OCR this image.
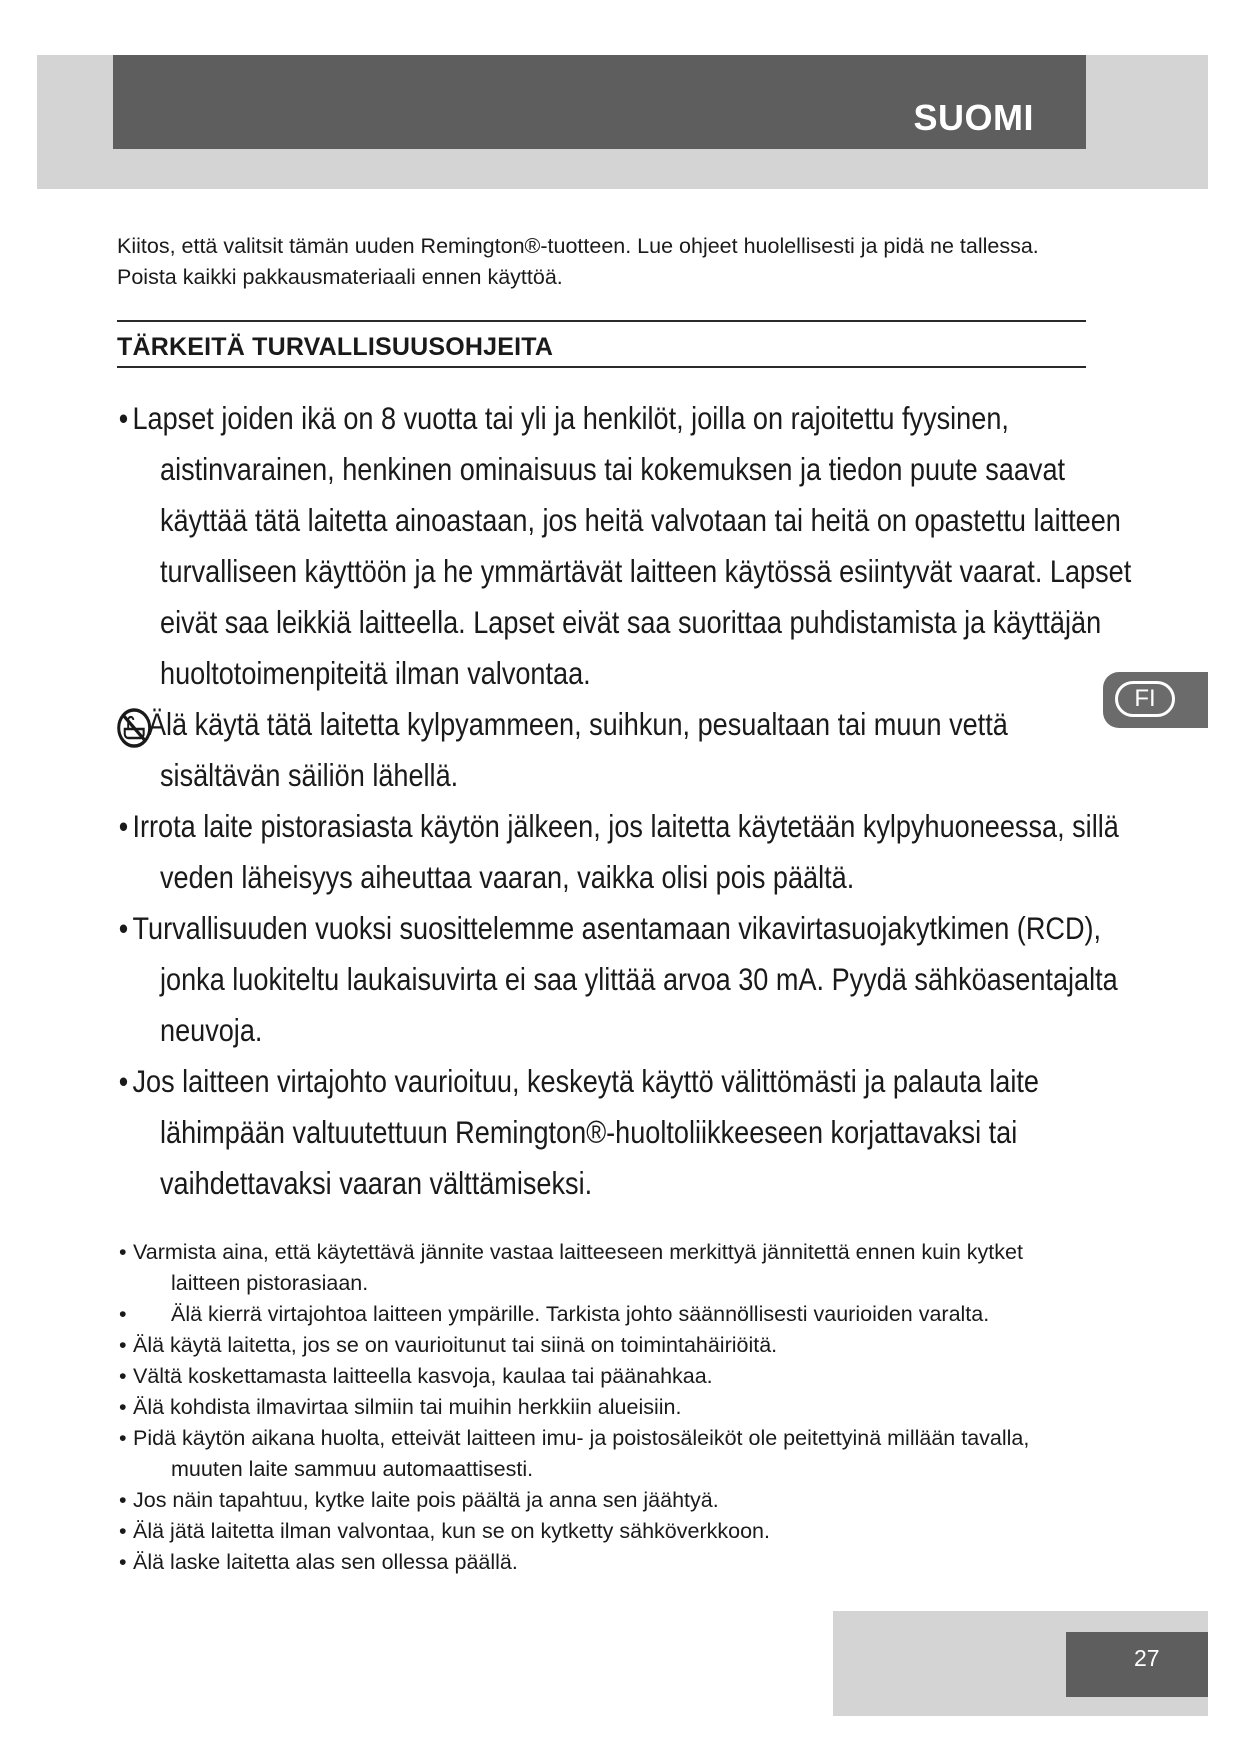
SUOMI
Kiitos, että valitsit tämän uuden Remington®-tuotteen. Lue ohjeet huolellisesti ja pidä ne tallessa. Poista kaikki pakkausmateriaali ennen käyttöä.
TÄRKEITÄ TURVALLISUUSOHJEITA
• Lapset joiden ikä on 8 vuotta tai yli ja henkilöt, joilla on rajoitettu fyysinen, aistinvarainen, henkinen ominaisuus tai kokemuksen ja tiedon puute saavat käyttää tätä laitetta ainoastaan, jos heitä valvotaan tai heitä on opastettu laitteen turvalliseen käyttöön ja he ymmärtävät laitteen käytössä esiintyvät vaarat. Lapset eivät saa leikkiä laitteella. Lapset eivät saa suorittaa puhdistamista ja käyttäjän huoltotoimenpiteitä ilman valvontaa.
Älä käytä tätä laitetta kylpyammeen, suihkun, pesualtaan tai muun vettä sisältävän säiliön lähellä.
• Irrota laite pistorasiasta käytön jälkeen, jos laitetta käytetään kylpyhuoneessa, sillä veden läheisyys aiheuttaa vaaran, vaikka olisi pois päältä.
• Turvallisuuden vuoksi suosittelemme asentamaan vikavirtasuojakytkimen (RCD), jonka luokiteltu laukaisuvirta ei saa ylittää arvoa 30 mA. Pyydä sähköasentajalta neuvoja.
• Jos laitteen virtajohto vaurioituu, keskeytä käyttö välittömästi ja palauta laite lähimpään valtuutettuun Remington®-huoltoliikkeeseen korjattavaksi tai vaihdettavaksi vaaran välttämiseksi.
• Varmista aina, että käytettävä jännite vastaa laitteeseen merkittyä jännitettä ennen kuin kytket laitteen pistorasiaan.
• Älä kierrä virtajohtoa laitteen ympärille. Tarkista johto säännöllisesti vaurioiden varalta.
• Älä käytä laitetta, jos se on vaurioitunut tai siinä on toimintahäiriöitä.
• Vältä koskettamasta laitteella kasvoja, kaulaa tai päänahkaa.
• Älä kohdista ilmavirtaa silmiin tai muihin herkkiin alueisiin.
• Pidä käytön aikana huolta, etteivät laitteen imu- ja poistosäleiköt ole peitettyinä millään tavalla, muuten laite sammuu automaattisesti.
• Jos näin tapahtuu, kytke laite pois päältä ja anna sen jäähtyä.
• Älä jätä laitetta ilman valvontaa, kun se on kytketty sähköverkkoon.
• Älä laske laitetta alas sen ollessa päällä.
FI
27
